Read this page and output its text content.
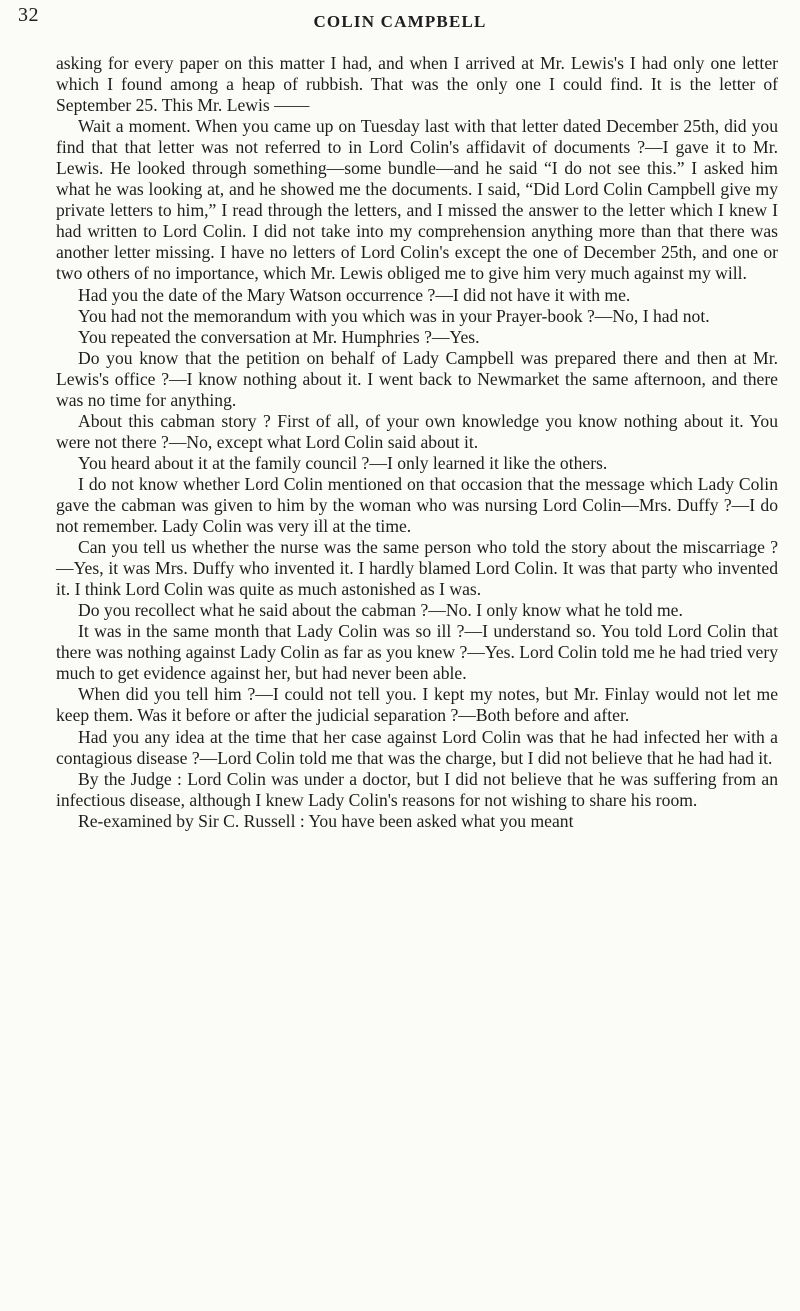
32	COLIN CAMPBELL

asking for every paper on this matter I had, and when I arrived at Mr. Lewis's I had only one letter which I found among a heap of rubbish. That was the only one I could find. It is the letter of September 25. This Mr. Lewis ——

Wait a moment. When you came up on Tuesday last with that letter dated December 25th, did you find that that letter was not referred to in Lord Colin's affidavit of documents ?—I gave it to Mr. Lewis. He looked through something—some bundle—and he said “I do not see this.” I asked him what he was looking at, and he showed me the documents. I said, “Did Lord Colin Campbell give my private letters to him,” I read through the letters, and I missed the answer to the letter which I knew I had written to Lord Colin. I did not take into my comprehension anything more than that there was another letter missing. I have no letters of Lord Colin's except the one of December 25th, and one or two others of no importance, which Mr. Lewis obliged me to give him very much against my will.

Had you the date of the Mary Watson occurrence ?—I did not have it with me.

You had not the memorandum with you which was in your Prayer-book ?—No, I had not.

You repeated the conversation at Mr. Humphries ?—Yes.

Do you know that the petition on behalf of Lady Campbell was prepared there and then at Mr. Lewis's office ?—I know nothing about it. I went back to Newmarket the same afternoon, and there was no time for anything.

About this cabman story ? First of all, of your own knowledge you know nothing about it. You were not there ?—No, except what Lord Colin said about it.

You heard about it at the family council ?—I only learned it like the others.

I do not know whether Lord Colin mentioned on that occasion that the message which Lady Colin gave the cabman was given to him by the woman who was nursing Lord Colin—Mrs. Duffy ?—I do not remember. Lady Colin was very ill at the time.

Can you tell us whether the nurse was the same person who told the story about the miscarriage ?—Yes, it was Mrs. Duffy who invented it. I hardly blamed Lord Colin. It was that party who invented it. I think Lord Colin was quite as much astonished as I was.

Do you recollect what he said about the cabman ?—No. I only know what he told me.

It was in the same month that Lady Colin was so ill ?—I understand so. You told Lord Colin that there was nothing against Lady Colin as far as you knew ?—Yes. Lord Colin told me he had tried very much to get evidence against her, but had never been able.

When did you tell him ?—I could not tell you. I kept my notes, but Mr. Finlay would not let me keep them. Was it before or after the judicial separation ?—Both before and after.

Had you any idea at the time that her case against Lord Colin was that he had infected her with a contagious disease ?—Lord Colin told me that was the charge, but I did not believe that he had had it.

By the Judge : Lord Colin was under a doctor, but I did not believe that he was suffering from an infectious disease, although I knew Lady Colin's reasons for not wishing to share his room.

Re-examined by Sir C. Russell : You have been asked what you meant
